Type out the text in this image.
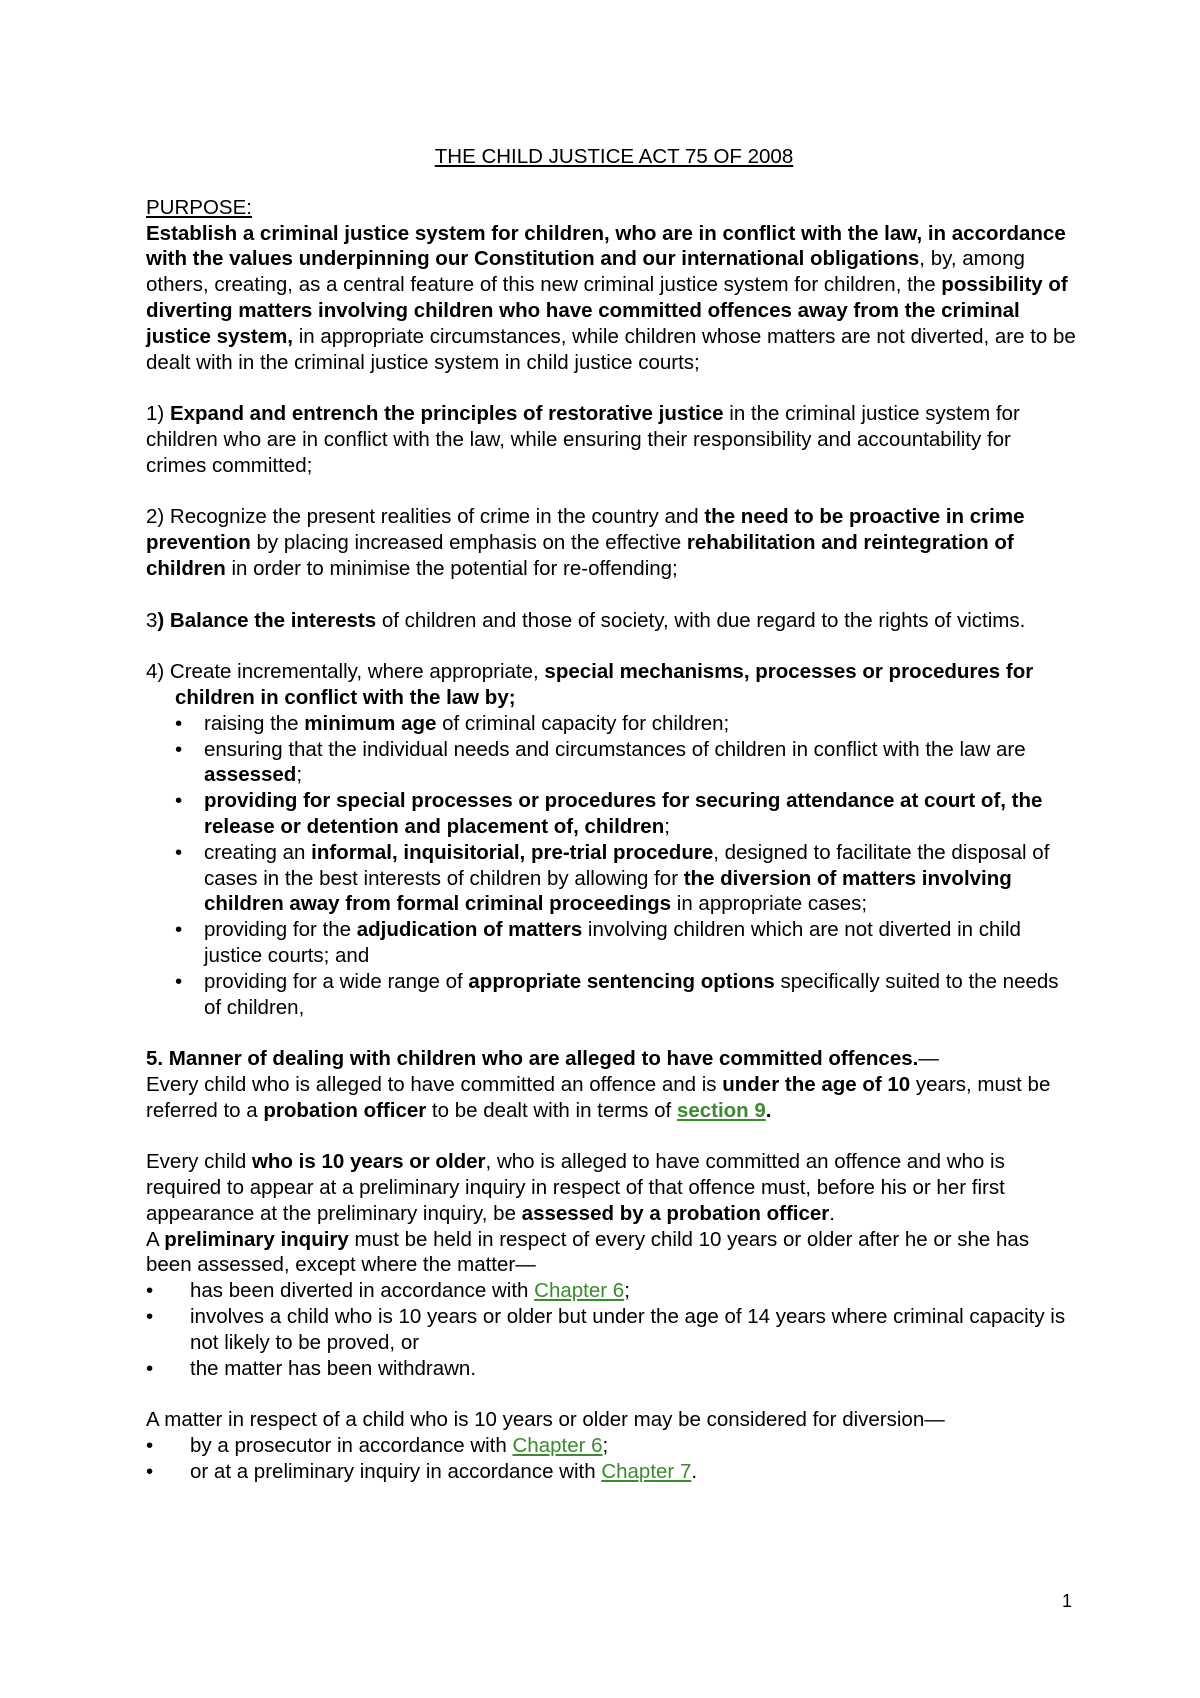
THE CHILD JUSTICE ACT 75 OF 2008

PURPOSE:

Establish a criminal justice system for children, who are in conflict with the law, in accordance with the values underpinning our Constitution and our international obligations, by, among others, creating, as a central feature of this new criminal justice system for children, the possibility of diverting matters involving children who have committed offences away from the criminal justice system, in appropriate circumstances, while children whose matters are not diverted, are to be dealt with in the criminal justice system in child justice courts;

1) Expand and entrench the principles of restorative justice in the criminal justice system for children who are in conflict with the law, while ensuring their responsibility and accountability for crimes committed;

2) Recognize the present realities of crime in the country and the need to be proactive in crime prevention by placing increased emphasis on the effective rehabilitation and reintegration of children in order to minimise the potential for re-offending;

3) Balance the interests of children and those of society, with due regard to the rights of victims.

4) Create incrementally, where appropriate, special mechanisms, processes or procedures for children in conflict with the law by;

• raising the minimum age of criminal capacity for children;
• ensuring that the individual needs and circumstances of children in conflict with the law are assessed;
• providing for special processes or procedures for securing attendance at court of, the release or detention and placement of, children;
• creating an informal, inquisitorial, pre-trial procedure, designed to facilitate the disposal of cases in the best interests of children by allowing for the diversion of matters involving children away from formal criminal proceedings in appropriate cases;
• providing for the adjudication of matters involving children which are not diverted in child justice courts; and
• providing for a wide range of appropriate sentencing options specifically suited to the needs of children,

5. Manner of dealing with children who are alleged to have committed offences.—

Every child who is alleged to have committed an offence and is under the age of 10 years, must be referred to a probation officer to be dealt with in terms of section 9.

Every child who is 10 years or older, who is alleged to have committed an offence and who is required to appear at a preliminary inquiry in respect of that offence must, before his or her first appearance at the preliminary inquiry, be assessed by a probation officer.

A preliminary inquiry must be held in respect of every child 10 years or older after he or she has been assessed, except where the matter—

• has been diverted in accordance with Chapter 6;
• involves a child who is 10 years or older but under the age of 14 years where criminal capacity is not likely to be proved, or
• the matter has been withdrawn.

A matter in respect of a child who is 10 years or older may be considered for diversion—

• by a prosecutor in accordance with Chapter 6;
• or at a preliminary inquiry in accordance with Chapter 7.
1
